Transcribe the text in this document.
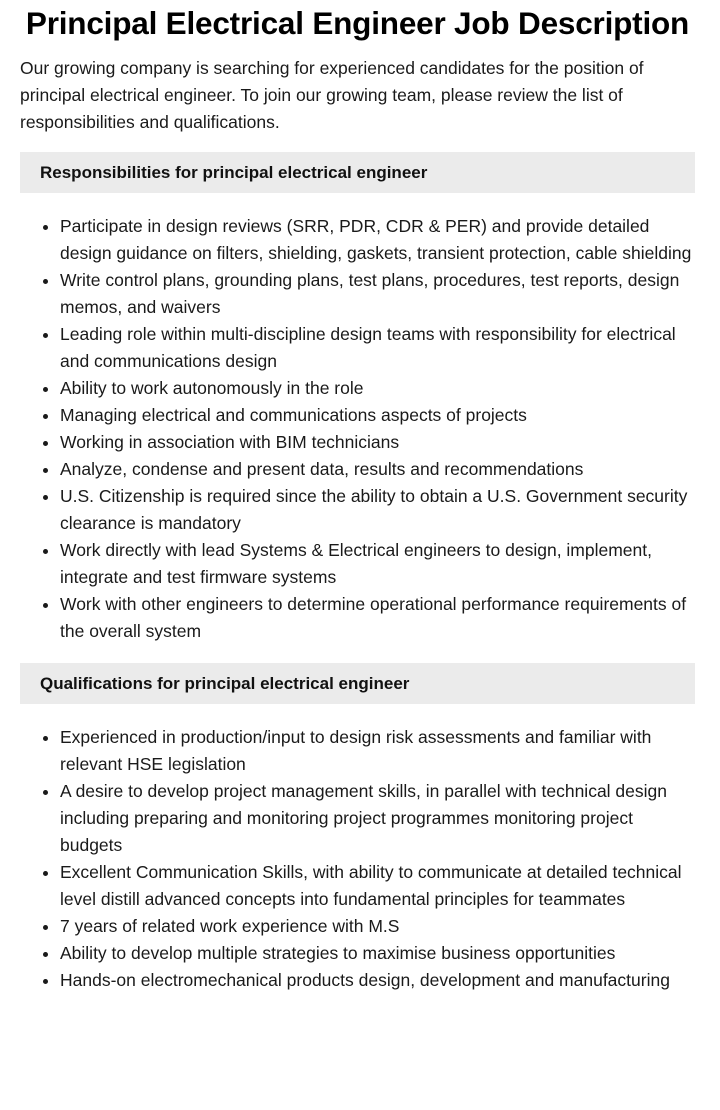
Principal Electrical Engineer Job Description

Our growing company is searching for experienced candidates for the position of principal electrical engineer. To join our growing team, please review the list of responsibilities and qualifications.

Responsibilities for principal electrical engineer
• Participate in design reviews (SRR, PDR, CDR & PER) and provide detailed design guidance on filters, shielding, gaskets, transient protection, cable shielding
• Write control plans, grounding plans, test plans, procedures, test reports, design memos, and waivers
• Leading role within multi-discipline design teams with responsibility for electrical and communications design
• Ability to work autonomously in the role
• Managing electrical and communications aspects of projects
• Working in association with BIM technicians
• Analyze, condense and present data, results and recommendations
• U.S. Citizenship is required since the ability to obtain a U.S. Government security clearance is mandatory
• Work directly with lead Systems & Electrical engineers to design, implement, integrate and test firmware systems
• Work with other engineers to determine operational performance requirements of the overall system
Qualifications for principal electrical engineer
• Experienced in production/input to design risk assessments and familiar with relevant HSE legislation
• A desire to develop project management skills, in parallel with technical design including preparing and monitoring project programmes monitoring project budgets
• Excellent Communication Skills, with ability to communicate at detailed technical level distill advanced concepts into fundamental principles for teammates
• 7 years of related work experience with M.S
• Ability to develop multiple strategies to maximise business opportunities
• Hands-on electromechanical products design, development and manufacturing
